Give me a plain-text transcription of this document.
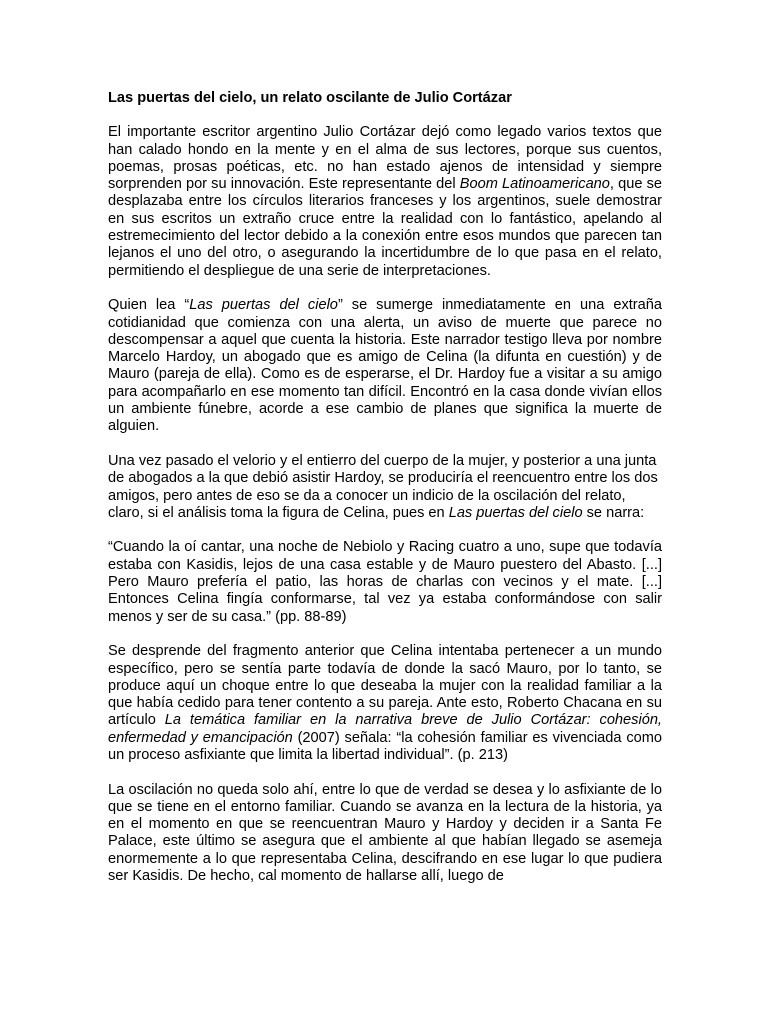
Las puertas del cielo, un relato oscilante de Julio Cortázar

El importante escritor argentino Julio Cortázar dejó como legado varios textos que han calado hondo en la mente y en el alma de sus lectores, porque sus cuentos, poemas, prosas poéticas, etc. no han estado ajenos de intensidad y siempre sorprenden por su innovación. Este representante del Boom Latinoamericano, que se desplazaba entre los círculos literarios franceses y los argentinos, suele demostrar en sus escritos un extraño cruce entre la realidad con lo fantástico, apelando al estremecimiento del lector debido a la conexión entre esos mundos que parecen tan lejanos el uno del otro, o asegurando la incertidumbre de lo que pasa en el relato, permitiendo el despliegue de una serie de interpretaciones.

Quien lea “Las puertas del cielo” se sumerge inmediatamente en una extraña cotidianidad que comienza con una alerta, un aviso de muerte que parece no descompensar a aquel que cuenta la historia. Este narrador testigo lleva por nombre Marcelo Hardoy, un abogado que es amigo de Celina (la difunta en cuestión) y de Mauro (pareja de ella). Como es de esperarse, el Dr. Hardoy fue a visitar a su amigo para acompañarlo en ese momento tan difícil. Encontró en la casa donde vivían ellos un ambiente fúnebre, acorde a ese cambio de planes que significa la muerte de alguien.

Una vez pasado el velorio y el entierro del cuerpo de la mujer, y posterior a una junta de abogados a la que debió asistir Hardoy, se produciría el reencuentro entre los dos amigos, pero antes de eso se da a conocer un indicio de la oscilación del relato, claro, si el análisis toma la figura de Celina, pues en Las puertas del cielo se narra:

“Cuando la oí cantar, una noche de Nebiolo y Racing cuatro a uno, supe que todavía estaba con Kasidis, lejos de una casa estable y de Mauro puestero del Abasto. [...] Pero Mauro prefería el patio, las horas de charlas con vecinos y el mate. [...] Entonces Celina fingía conformarse, tal vez ya estaba conformándose con salir menos y ser de su casa.” (pp. 88-89)

Se desprende del fragmento anterior que Celina intentaba pertenecer a un mundo específico, pero se sentía parte todavía de donde la sacó Mauro, por lo tanto, se produce aquí un choque entre lo que deseaba la mujer con la realidad familiar a la que había cedido para tener contento a su pareja. Ante esto, Roberto Chacana en su artículo La temática familiar en la narrativa breve de Julio Cortázar: cohesión, enfermedad y emancipación (2007) señala: “la cohesión familiar es vivenciada como un proceso asfixiante que limita la libertad individual”. (p. 213)

La oscilación no queda solo ahí, entre lo que de verdad se desea y lo asfixiante de lo que se tiene en el entorno familiar. Cuando se avanza en la lectura de la historia, ya en el momento en que se reencuentran Mauro y Hardoy y deciden ir a Santa Fe Palace, este último se asegura que el ambiente al que habían llegado se asemeja enormemente a lo que representaba Celina, descifrando en ese lugar lo que pudiera ser Kasidis. De hecho, cal momento de hallarse allí, luego de
